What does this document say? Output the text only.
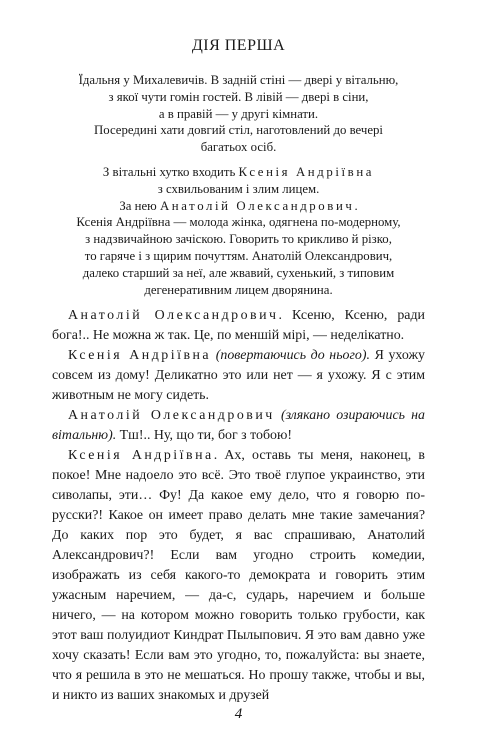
ДІЯ ПЕРША
Їдальня у Михалевичів. В задній стіні — двері у вітальню,
з якої чути гомін гостей. В лівій — двері в сіни,
а в правій — у другі кімнати.
Посередині хати довгий стіл, наготовлений до вечері
багатьох осіб.
З вітальні хутко входить Ксенія Андріївна
з схвильованим і злим лицем.
За нею Анатолій Олександрович.
Ксенія Андріївна — молода жінка, одягнена по-модерному,
з надзвичайною зачіскою. Говорить то крикливо й різко,
то гаряче і з щирим почуттям. Анатолій Олександрович,
далеко старший за неї, але жвавий, сухенький, з типовим
дегенеративним лицем дворянина.

Анатолій Олександрович. Ксеню, Ксеню, ради бога!.. Не можна ж так. Це, по меншій мірі, — неделікатно.

Ксенія Андріївна (повертаючись до нього). Я ухожу совсем из дому! Деликатно это или нет — я ухожу. Я с этим животным не могу сидеть.

Анатолій Олександрович (злякано озираючись на вітальню). Тш!.. Ну, що ти, бог з тобою!

Ксенія Андріївна. Ах, оставь ты меня, наконец, в покое! Мне надоело это всё. Это твоё глупое украинство, эти сиволапы, эти… Фу! Да какое ему дело, что я говорю по-русски?! Какое он имеет право делать мне такие замечания? До каких пор это будет, я вас спрашиваю, Анатолий Александрович?! Если вам угодно строить комедии, изображать из себя какого-то демократа и говорить этим ужасным наречием, — да-с, сударь, наречием и больше ничего, — на котором можно говорить только грубости, как этот ваш полуидиот Киндрат Пылыпович. Я это вам давно уже хочу сказать! Если вам это угодно, то, пожалуйста: вы знаете, что я решила в это не мешаться. Но прошу также, чтобы и вы, и никто из ваших знакомых и друзей

4
